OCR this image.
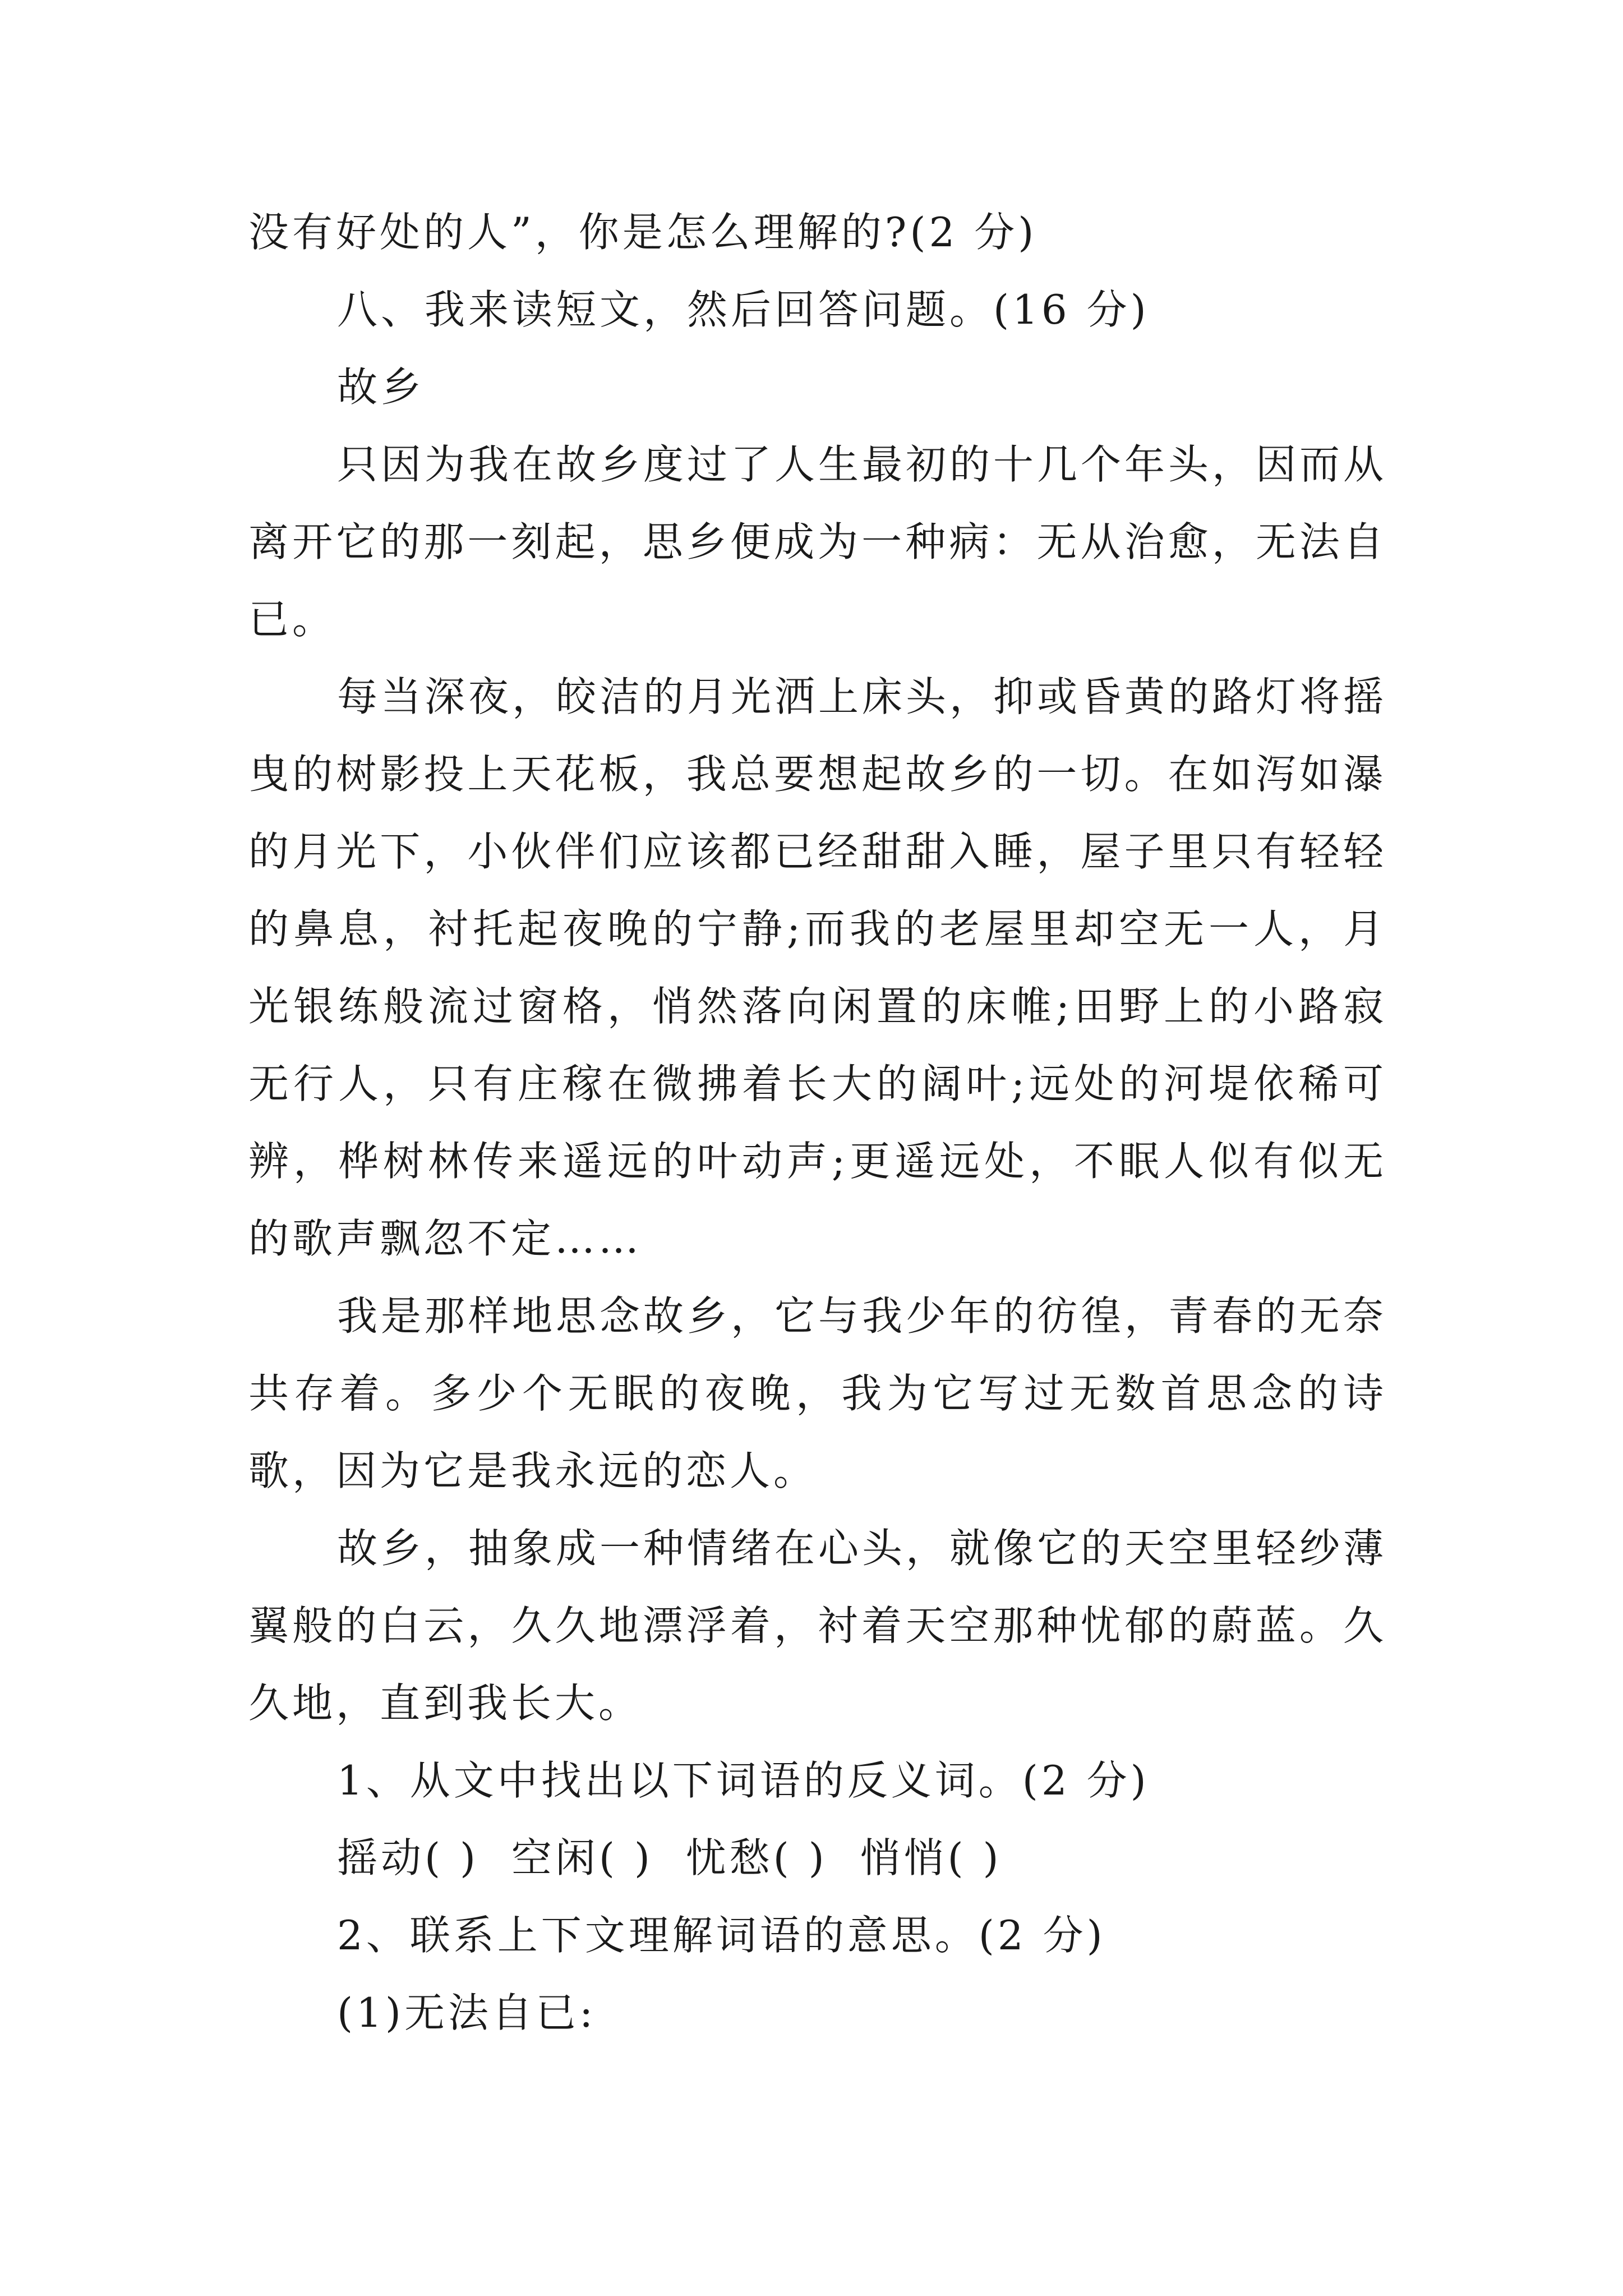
没有好处的人”，你是怎么理解的?(2 分)

八、我来读短文，然后回答问题。(16 分)

故乡

只因为我在故乡度过了人生最初的十几个年头，因而从离开它的那一刻起，思乡便成为一种病：无从治愈，无法自已。

每当深夜，皎洁的月光洒上床头，抑或昏黄的路灯将摇曳的树影投上天花板，我总要想起故乡的一切。在如泻如瀑的月光下，小伙伴们应该都已经甜甜入睡，屋子里只有轻轻的鼻息，衬托起夜晚的宁静;而我的老屋里却空无一人，月光银练般流过窗格，悄然落向闲置的床帷;田野上的小路寂无行人，只有庄稼在微拂着长大的阔叶;远处的河堤依稀可辨，桦树林传来遥远的叶动声;更遥远处，不眠人似有似无的歌声飘忽不定……

我是那样地思念故乡，它与我少年的彷徨，青春的无奈共存着。多少个无眠的夜晚，我为它写过无数首思念的诗歌，因为它是我永远的恋人。

故乡，抽象成一种情绪在心头，就像它的天空里轻纱薄翼般的白云，久久地漂浮着，衬着天空那种忧郁的蔚蓝。久久地，直到我长大。

1、从文中找出以下词语的反义词。(2 分)

摇动( )  空闲( )  忧愁( )  悄悄( )

2、联系上下文理解词语的意思。(2 分)

(1)无法自已:
